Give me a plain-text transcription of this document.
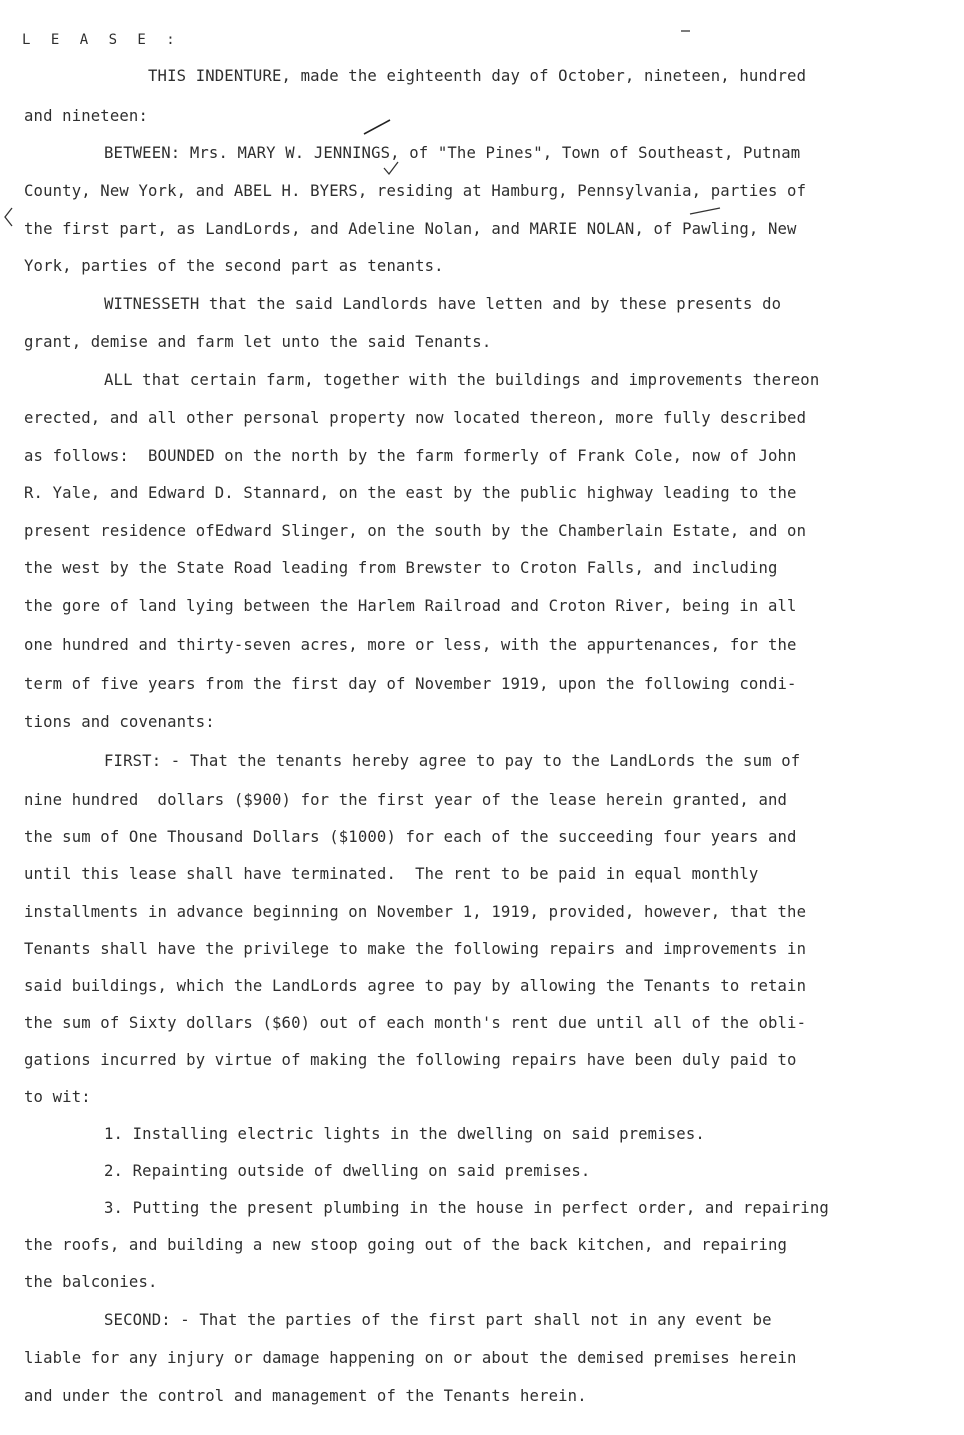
L E A S E :
THIS INDENTURE, made the eighteenth day of October, nineteen, hundred
and nineteen:
BETWEEN: Mrs. MARY W. JENNINGS, of "The Pines", Town of Southeast, Putnam
County, New York, and ABEL H. BYERS, residing at Hamburg, Pennsylvania, parties of
the first part, as LandLords, and Adeline Nolan, and MARIE NOLAN, of Pawling, New
York, parties of the second part as tenants.
WITNESSETH that the said Landlords have letten and by these presents do
grant, demise and farm let unto the said Tenants.
ALL that certain farm, together with the buildings and improvements thereon
erected, and all other personal property now located thereon, more fully described
as follows:  BOUNDED on the north by the farm formerly of Frank Cole, now of John
R. Yale, and Edward D. Stannard, on the east by the public highway leading to the
present residence ofEdward Slinger, on the south by the Chamberlain Estate, and on
the west by the State Road leading from Brewster to Croton Falls, and including
the gore of land lying between the Harlem Railroad and Croton River, being in all
one hundred and thirty-seven acres, more or less, with the appurtenances, for the
term of five years from the first day of November 1919, upon the following condi-
tions and covenants:
FIRST: - That the tenants hereby agree to pay to the LandLords the sum of
nine hundred  dollars ($900) for the first year of the lease herein granted, and
the sum of One Thousand Dollars ($1000) for each of the succeeding four years and
until this lease shall have terminated.  The rent to be paid in equal monthly
installments in advance beginning on November 1, 1919, provided, however, that the
Tenants shall have the privilege to make the following repairs and improvements in
said buildings, which the LandLords agree to pay by allowing the Tenants to retain
the sum of Sixty dollars ($60) out of each month's rent due until all of the obli-
gations incurred by virtue of making the following repairs have been duly paid to
to wit:
1. Installing electric lights in the dwelling on said premises.
2. Repainting outside of dwelling on said premises.
3. Putting the present plumbing in the house in perfect order, and repairing
the roofs, and building a new stoop going out of the back kitchen, and repairing
the balconies.
SECOND: - That the parties of the first part shall not in any event be
liable for any injury or damage happening on or about the demised premises herein
and under the control and management of the Tenants herein.
